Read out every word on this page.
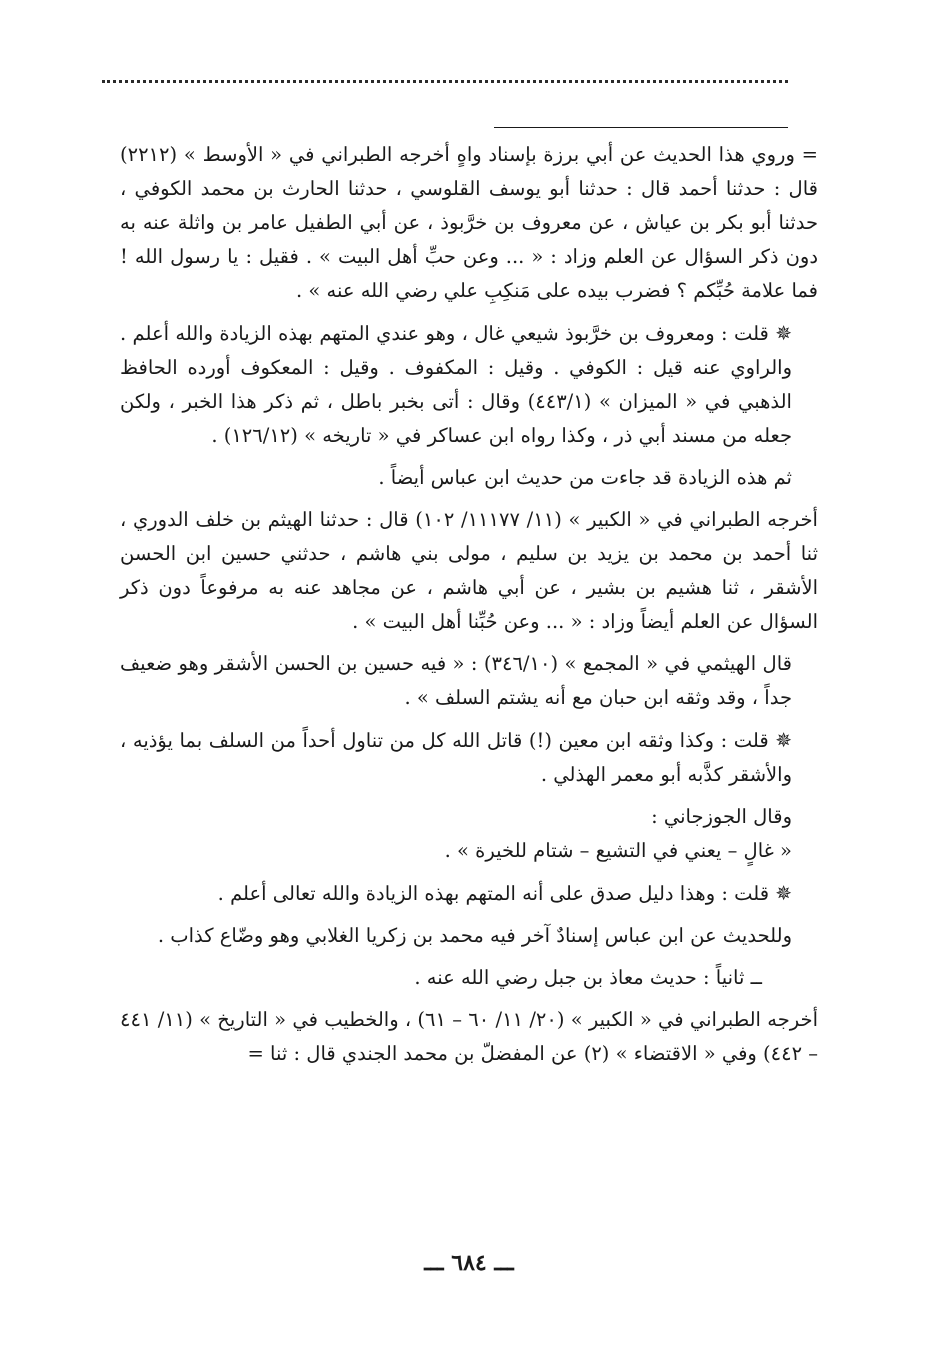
= وروي هذا الحديث عن أبي برزة بإسناد واهٍ أخرجه الطبراني في « الأوسط » (٢٢١٢) قال : حدثنا أحمد قال : حدثنا أبو يوسف القلوسي ، حدثنا الحارث بن محمد الكوفي ، حدثنا أبو بكر بن عياش ، عن معروف بن خرَّبوذ ، عن أبي الطفيل عامر بن واثلة عنه به دون ذكر السؤال عن العلم وزاد : « ... وعن حبِّ أهل البيت » . فقيل : يا رسول الله ! فما علامة حُبِّكم ؟ فضرب بيده على مَنكِبِ علي رضي الله عنه » .

✵ قلت : ومعروف بن خرَّبوذ شيعي غال ، وهو عندي المتهم بهذه الزيادة والله أعلم . والراوي عنه قيل : الكوفي . وقيل : المكفوف . وقيل : المعكوف أورده الحافظ الذهبي في « الميزان » (٤٤٣/١) وقال : أتى بخبر باطل ، ثم ذكر هذا الخبر ، ولكن جعله من مسند أبي ذر ، وكذا رواه ابن عساكر في « تاريخه » (١٢٦/١٢) .

ثم هذه الزيادة قد جاءت من حديث ابن عباس أيضاً .

أخرجه الطبراني في « الكبير » (١١/ ١١١٧٧/ ١٠٢) قال : حدثنا الهيثم بن خلف الدوري ، ثنا أحمد بن محمد بن يزيد بن سليم ، مولى بني هاشم ، حدثني حسين ابن الحسن الأشقر ، ثنا هشيم بن بشير ، عن أبي هاشم ، عن مجاهد عنه به مرفوعاً دون ذكر السؤال عن العلم أيضاً وزاد : « ... وعن حُبِّنا أهل البيت » .

قال الهيثمي في « المجمع » (٣٤٦/١٠) : « فيه حسين بن الحسن الأشقر وهو ضعيف جداً ، وقد وثقه ابن حبان مع أنه يشتم السلف » .

✵ قلت : وكذا وثقه ابن معين (!) قاتل الله كل من تناول أحداً من السلف بما يؤذيه ، والأشقر كذَّبه أبو معمر الهذلي .

وقال الجوزجاني :

« غالٍ – يعني في التشيع – شتام للخيرة » .

✵ قلت : وهذا دليل صدق على أنه المتهم بهذه الزيادة والله تعالى أعلم .

وللحديث عن ابن عباس إسنادٌ آخر فيه محمد بن زكريا الغلابي وهو وضّاع كذاب .

ــ ثانياً : حديث معاذ بن جبل رضي الله عنه .

أخرجه الطبراني في « الكبير » (٢٠/ ١١/ ٦٠ – ٦١) ، والخطيب في « التاريخ » (١١/ ٤٤١ – ٤٤٢) وفي « الاقتضاء » (٢) عن المفضلّ بن محمد الجندي قال : ثنا =

ـــ ٦٨٤ ـــ
